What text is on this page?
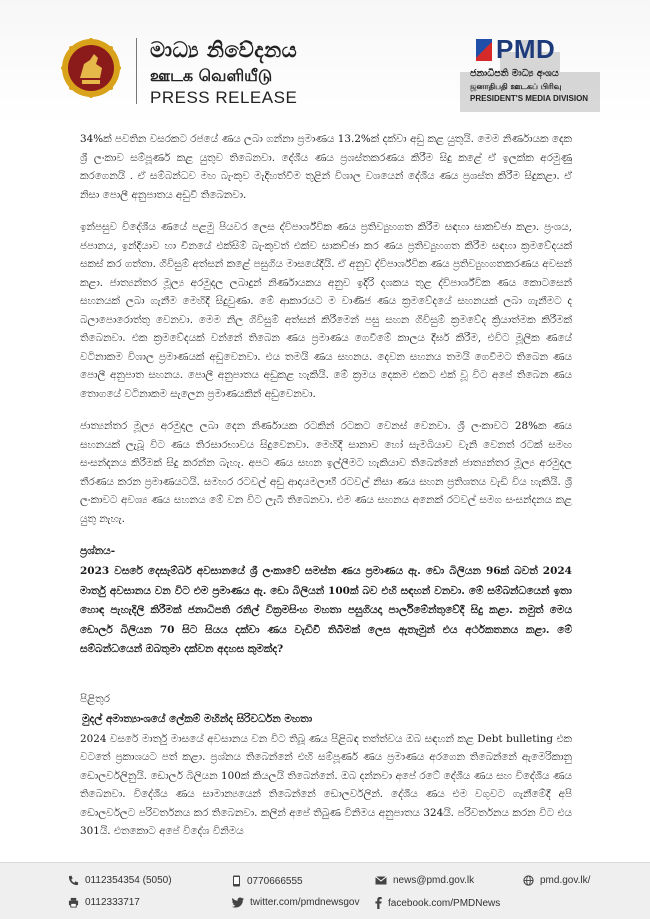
මාධ්‍ය නිවේදනය
ஊடக வெளியீடு
PRESS RELEASE
PMD
ජනාධිපති මාධ්‍ය අංශය
ஜனாதிபதி ஊடகப் பிரிவு
PRESIDENT'S MEDIA DIVISION

34%ක් පවතින වසරකට රජයේ ණය ලබා ගන්නා ප්‍රමාණය 13.2%ක් දක්වා අඩු කළ යුතුයි. මෙම නිර්ණායක දෙක ශ්‍රී ලංකාව සම්පූර්ණ කළ යුතුව තිබෙනවා. දේශීය ණය ප්‍රශස්තකරණය කිරීම සිදු කළේ ඒ ඉලක්ක අරමුණු කරගෙනයි . ඒ සම්බන්ධව මහ බැංකුව මැදිහත්වීම තුළින් විශාල වශයෙන් දේශීය ණය ප්‍රශස්ත කිරීම සිදුකළා. ඒ නිසා පොලී අනුපාතය අඩුවී තිබෙනවා.

ඉන්පසුව විදේශීය ණයේ පළමු පියවර ලෙස ද්විපාර්ශ්වික ණය ප්‍රතිව්‍යුහගත කිරීම සඳහා සාකච්ඡා කළා. ප්‍රංශය, ජපානය, ඉන්දියාව හා චීනයේ එක්සිම් බැංකුවත් එක්ව සාකච්ඡා කර ණය ප්‍රතිව්‍යුහගත කිරීම සඳහා ක්‍රමවේදයක් සකස් කර ගත්තා. ගිවිසුම් අත්සන් කළේ පසුගිය මාසයේදීයි. ඒ අනුව ද්විපාර්ශ්වික ණය ප්‍රතිව්‍යුහගතකරණය අවසන් කළා. ජාත්‍යන්තර මූල්‍ය අරමුදල ලබාදුන් නිර්ණායකය අනුව ඉදිරි දශකය තුළ ද්විපාර්ශ්වික ණය කොටසෙන් සහනයක් ලබා ගැනීම මෙහිදී සිදුවුණා. මේ ආකාරයට ම වාණිජ ණය ක්‍රමවේදයේ සහනයක් ලබා ගැනීමට ද බලාපොරොත්තු වෙනවා. මෙම නිල ගිවිසුම් අත්සන් කිරීමෙන් පසු සහන ගිවිසුම් ක්‍රමවේද ක්‍රියාත්මක කිරීමක් තිබෙනවා. එක ක්‍රමවේදයක් වන්නේ තිබෙන ණය ප්‍රමාණය ගෙවීමේ කාලය දීර්ඝ කිරීම, එවිට මූලික ණයේ වටිනාකම විශාල ප්‍රමාණයක් අඩුවෙනවා. එය තමයි ණය සහනය. දෙවන සහනය තමයි ගෙවීමට තිබෙන ණය පොලී අනුපාත සහනය. පොලී අනුපාතය අඩුකළ හැකියි. මේ ක්‍රමය දෙකම එකට එක් වූ විට අපේ තිබෙන ණය තොගයේ වටිනාකම සැලෙන ප්‍රමාණයකින් අඩුවෙනවා.

ජාත්‍යන්තර මූල්‍ය අරමුදල ලබා දෙන නිර්ණායක රටකින් රටකට වෙනස් වෙනවා. ශ්‍රී ලංකාවට 28%ක ණය සහනයක් ලැබූ විට ණය තිරසාරභාවය සිදුවෙනවා. මෙහිදී සානාව හෝ සැමබියාව වැනි වෙනත් රටක් සමඟ සංසන්දනය කිරීමක් සිදු කරන්න බැහැ. අපට ණය සහන ඉල්ලීමට හැකියාව තිබෙන්නේ ජාත්‍යන්තර මූල්‍ය අරමුදල තීරණය කරන ප්‍රමාණයටයි. සමහර රටවල් අඩු ආදායමලාභී රටවල් නිසා ණය සහන ප්‍රතිශතය වැඩි විය හැකියි. ශ්‍රී ලංකාවට අවශ්‍ය ණය සහනය මේ වන විට ලැබී තිබෙනවා. එම ණය සහනය අනෙක් රටවල් සමග සංසන්දනය කළ යුතු නැහැ.

ප්‍රශ්නය-

2023 වසරේ දෙසැම්බර් අවසානයේ ශ්‍රී ලංකාවේ සමස්ත ණය ප්‍රමාණය ඇ. ඩො බිලියන 96ක් බවත් 2024 මාර්තු අවසානය වන විට එම ප්‍රමාණය ඇ. ඩො බිලියන් 100ක් බව එහි සඳහන් වනවා. මේ සම්බන්ධයෙන් ඉතා හොඳ පැහැදිලි කිරීමක් ජනාධිපති රනිල් වික්‍රමසිංහ මහතා පසුගියදා පාර්ලිමේන්තුවේදී සිදු කළා. නමුත් මෙය ඩොලර් බිලියන 70 සිට සියය දක්වා ණය වැඩිවී තිබීමක් ලෙස ඇතැමුන් එය අර්ථකතනය කළා. මේ සම්බන්ධයෙන් ඔබතුමා දක්වන අදහස කුමක්ද?

පිළිතුර
මුදල් අමාත්‍යාංශයේ ලේකම් මහින්ද සිරිවර්ධන මහතා

2024 වසරේ මාර්තු මාසයේ අවසානය වන විට තිබූ ණය පිළිබඳ තත්ත්වය ඔබ සඳහන් කළ Debt bulleting එක වටතේ ප්‍රකාශයට පත් කළා. ප්‍රශ්නය තිබෙන්නේ එහි සම්පූර්ණ ණය ප්‍රමාණය අරගෙන තිබෙන්නේ ඇමෙරිකානු ඩොලර්වලිනුයි. ඩොලර් බිලියන 100ක් කියලයි තිබෙන්නේ. ඔබ දන්නවා අපේ රටේ දේශීය ණය සහ විදේශීය ණය තිබෙනවා. විදේශීය ණය සාමාන්‍යයෙන් තිබෙන්නේ ඩොලර්වලින්. දේශීය ණය එම වගුවට ගැනීමේදී අපි ඩොලර්වලට පරිවර්තනය කර තිබෙනවා. කලින් අපේ තිබුණ විනිමය අනුපාතය 324යි. පරිවර්තනය කරන විට එය 301යි. එතකොට අපේ විදේශ විනිමය

0112354354 (5050)
0112333717
0770666555
twitter.com/pmdnewsgov
news@pmd.gov.lk
facebook.com/PMDNews
pmd.gov.lk/
